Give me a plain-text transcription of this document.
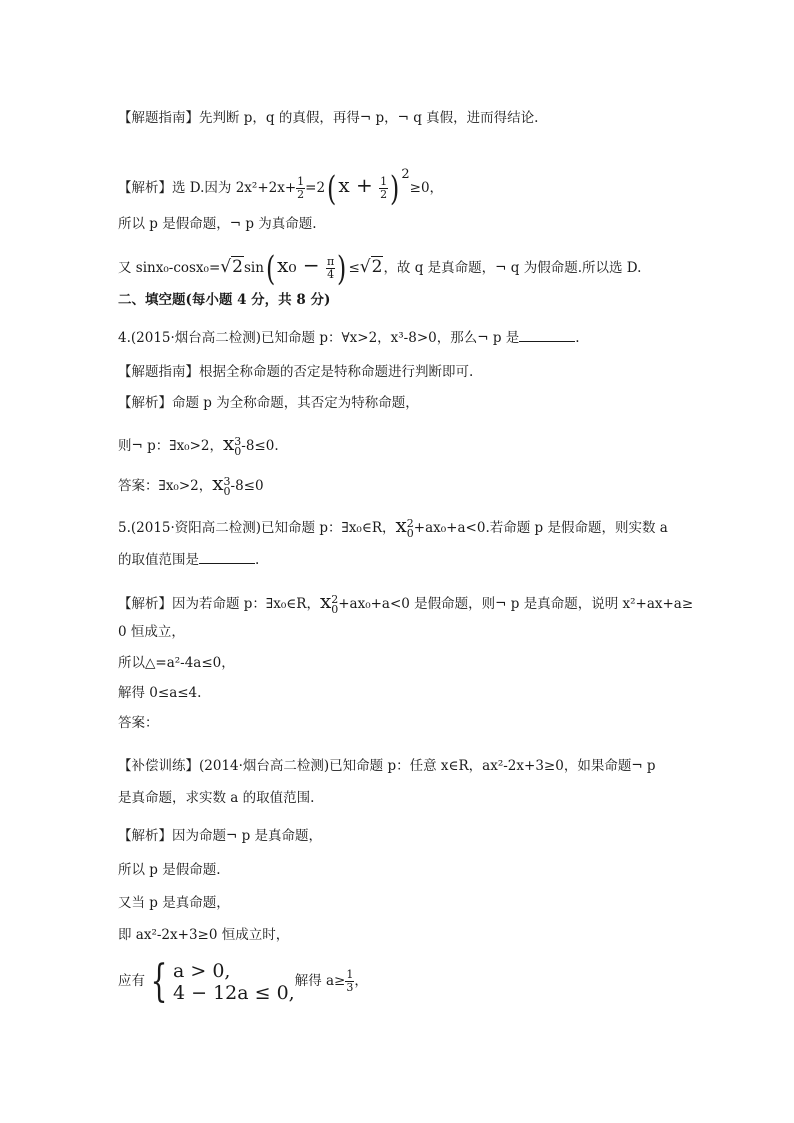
【解题指南】先判断 p，q 的真假，再得¬ p，¬ q 真假，进而得结论.
【解析】选 D.因为 $2x^2+2x+ \frac{1}{2} =2(x + \frac{1}{2}$ ) $^2$≥0，
所以 p 是假命题，¬ p 为真命题.
又 $\sin x_0-\cos x_0=√2\sin(x_0 - \frac{\pi}{4}$ ) ≤√2，故 q 是真命题，¬ q 为假命题.所以选 D.
二、填空题(每小题 4 分，共 8 分)
4.(2015·烟台高二检测)已知命题 p：∀x>2，x³-8>0，那么¬ p 是	.
【解题指南】根据全称命题的否定是特称命题进行判断即可.
【解析】命题 p 为全称命题，其否定为特称命题，
则¬ p：∃x₀>2，x 3
0 -8≤0.
答案：∃x₀>2，x 3
0 -8≤0
5.(2015·资阳高二检测)已知命题 p：∃x₀∈R，x 2
0 +ax₀+a<0.若命题 p 是假命题，则实数 a
的取值范围是	.
【解析】因为若命题 p：∃x₀∈R，x 2
0 +ax₀+a<0 是假命题，则¬ p 是真命题，说明 x²+ax+a≥
0 恒成立，
所以△=a²-4a≤0，
解得 0≤a≤4.
答案：
【补偿训练】(2014·烟台高二检测)已知命题 p：任意 x∈R，ax²-2x+3≥0，如果命题¬ p
是真命题，求实数 a 的取值范围.
【解析】因为命题¬ p 是真命题，
所以 p 是假命题.
又当 p 是真命题，
即 ax²-2x+3≥0 恒成立时，
应有 { a > 0,
4 − 12a ≤ 0,
解得 $a\ge \frac{1}{3}$ ，
